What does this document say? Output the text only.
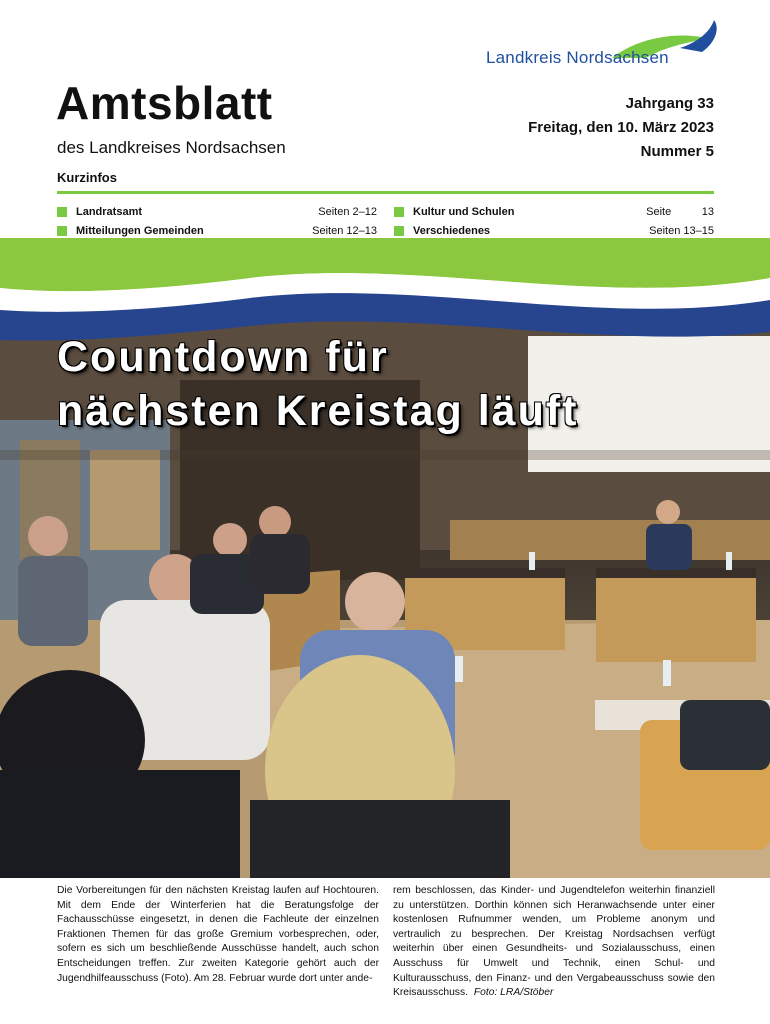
Landkreis Nordsachsen
Amtsblatt
des Landkreises Nordsachsen
Jahrgang 33
Freitag, den 10. März 2023
Nummer 5
Kurzinfos
Landratsamt
Mitteilungen Gemeinden
Seiten 2–12
Seiten 12–13
Kultur und Schulen
Verschiedenes
Seite          13
Seiten 13–15
Countdown für
nächsten Kreistag läuft
Die Vorbereitungen für den nächsten Kreistag laufen auf Hochtouren. Mit dem Ende der Winterferien hat die Beratungsfolge der Fachausschüsse eingesetzt, in denen die Fachleute der einzelnen Fraktionen Themen für das große Gremium vorbesprechen, oder, sofern es sich um beschließende Ausschüsse handelt, auch schon Entscheidungen treffen. Zur zweiten Kategorie gehört auch der Jugendhilfeausschuss (Foto). Am 28. Februar wurde dort unter ande-
rem beschlossen, das Kinder- und Jugendtelefon weiterhin finanziell zu unterstützen. Dorthin können sich Heranwachsende unter einer kostenlosen Rufnummer wenden, um Probleme anonym und vertraulich zu besprechen. Der Kreistag Nordsachsen verfügt weiterhin über einen Gesundheits- und Sozialausschuss, einen Ausschuss für Umwelt und Technik, einen Schul- und Kulturausschuss, den Finanz- und den Vergabeausschuss sowie den Kreisausschuss. Foto: LRA/Stöber
